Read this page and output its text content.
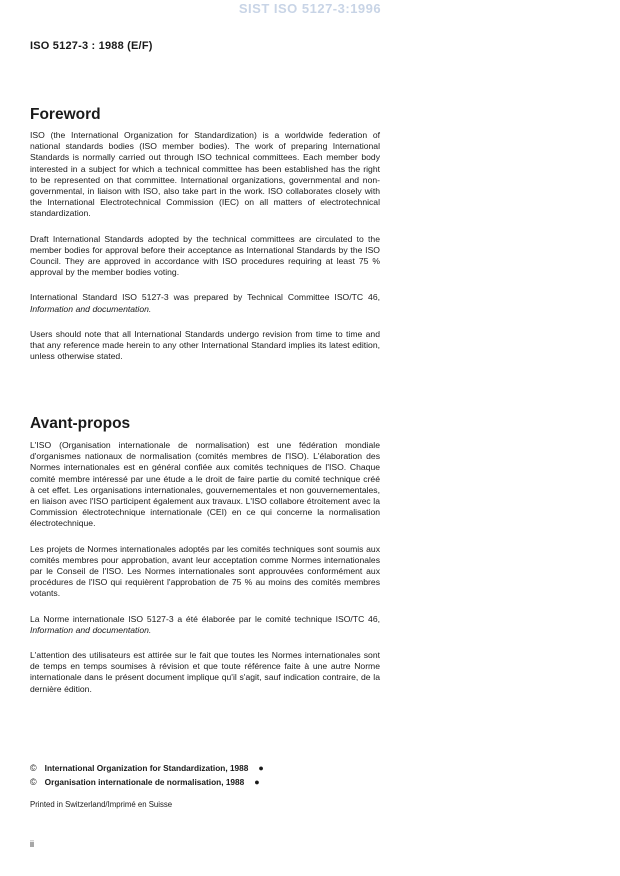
SIST ISO 5127-3:1996
ISO 5127-3 : 1988 (E/F)
Foreword

ISO (the International Organization for Standardization) is a worldwide federation of national standards bodies (ISO member bodies). The work of preparing International Standards is normally carried out through ISO technical committees. Each member body interested in a subject for which a technical committee has been established has the right to be represented on that committee. International organizations, governmental and non-governmental, in liaison with ISO, also take part in the work. ISO collaborates closely with the International Electrotechnical Commission (IEC) on all matters of electrotechnical standardization.

Draft International Standards adopted by the technical committees are circulated to the member bodies for approval before their acceptance as International Standards by the ISO Council. They are approved in accordance with ISO procedures requiring at least 75 % approval by the member bodies voting.

International Standard ISO 5127-3 was prepared by Technical Committee ISO/TC 46, Information and documentation.

Users should note that all International Standards undergo revision from time to time and that any reference made herein to any other International Standard implies its latest edition, unless otherwise stated.

Avant-propos

L'ISO (Organisation internationale de normalisation) est une fédération mondiale d'organismes nationaux de normalisation (comités membres de l'ISO). L'élaboration des Normes internationales est en général confiée aux comités techniques de l'ISO. Chaque comité membre intéressé par une étude a le droit de faire partie du comité technique créé à cet effet. Les organisations internationales, gouvernementales et non gouvernementales, en liaison avec l'ISO participent également aux travaux. L'ISO collabore étroitement avec la Commission électrotechnique internationale (CEI) en ce qui concerne la normalisation électrotechnique.

Les projets de Normes internationales adoptés par les comités techniques sont soumis aux comités membres pour approbation, avant leur acceptation comme Normes internationales par le Conseil de l'ISO. Les Normes internationales sont approuvées conformément aux procédures de l'ISO qui requièrent l'approbation de 75 % au moins des comités membres votants.

La Norme internationale ISO 5127-3 a été élaborée par le comité technique ISO/TC 46, Information and documentation.

L'attention des utilisateurs est attirée sur le fait que toutes les Normes internationales sont de temps en temps soumises à révision et que toute référence faite à une autre Norme internationale dans le présent document implique qu'il s'agit, sauf indication contraire, de la dernière édition.

© International Organization for Standardization, 1988 ●
© Organisation internationale de normalisation, 1988 ●
Printed in Switzerland/Imprimé en Suisse
ii
